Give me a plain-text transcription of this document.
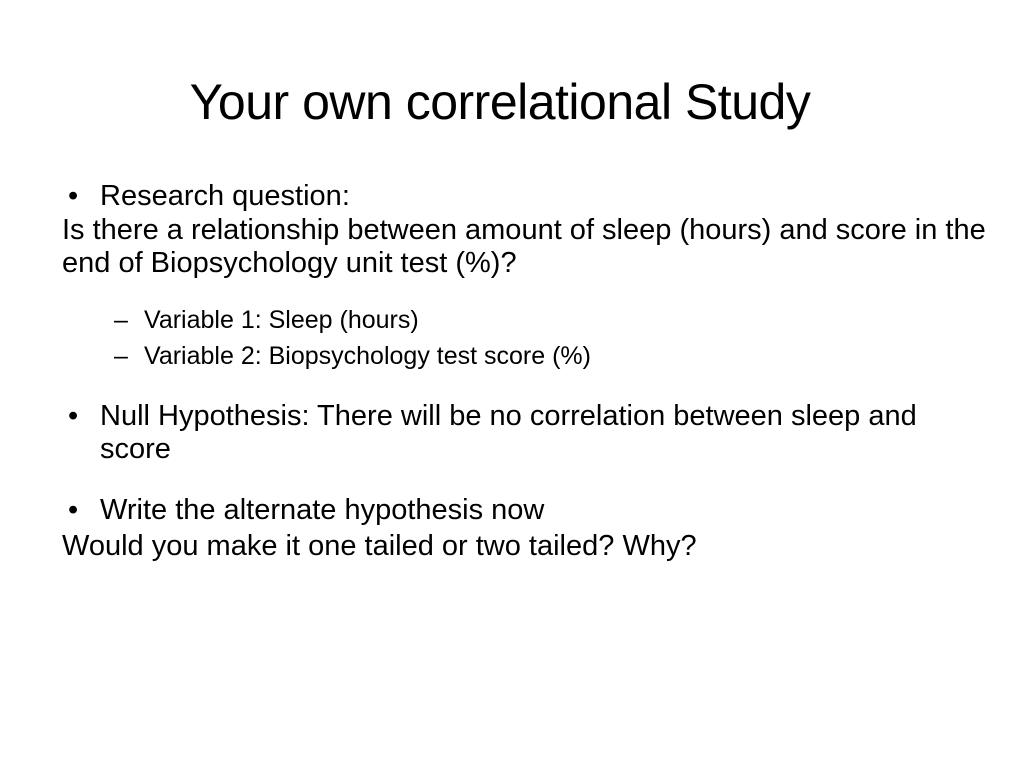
Your own correlational Study
• Research question:
Is there a relationship between amount of sleep (hours) and score in the end of Biopsychology unit test (%)?
– Variable 1: Sleep (hours)
– Variable 2: Biopsychology test score (%)
• Null Hypothesis: There will be no correlation between sleep and score
• Write the alternate hypothesis now
Would you make it one tailed or two tailed? Why?
